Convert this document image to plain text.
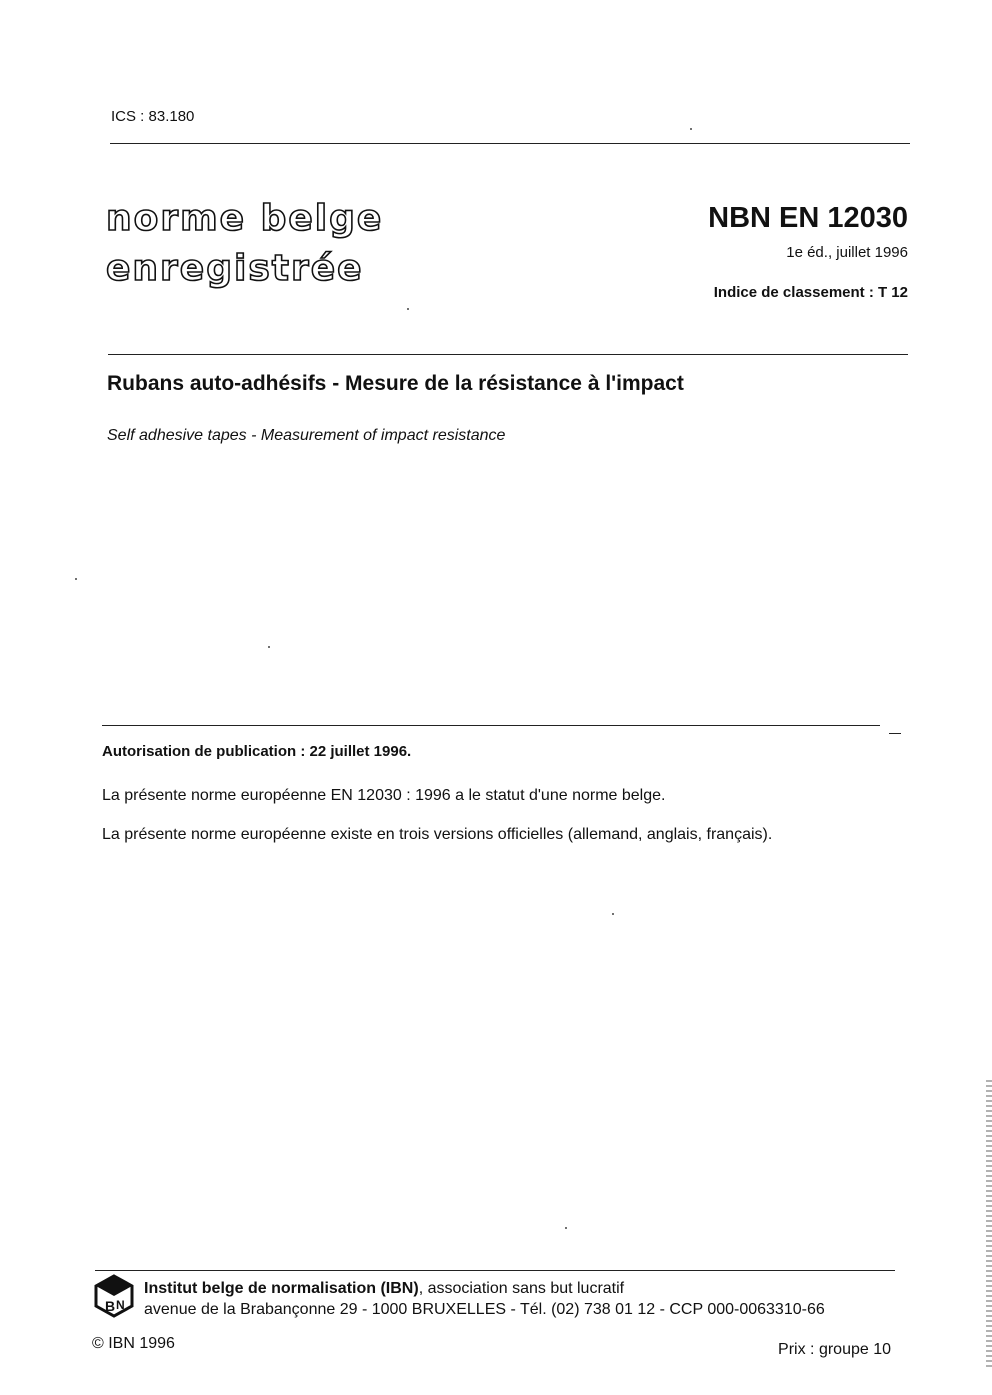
ICS : 83.180
norme belge
enregistrée
NBN EN 12030
1e éd., juillet 1996
Indice de classement : T 12
Rubans auto-adhésifs - Mesure de la résistance à l'impact
Self adhesive tapes - Measurement of impact resistance
Autorisation de publication : 22 juillet 1996.
La présente norme européenne EN 12030 : 1996 a le statut d'une norme belge.
La présente norme européenne existe en trois versions officielles (allemand, anglais, français).
B N
Institut belge de normalisation (IBN), association sans but lucratif
avenue de la Brabançonne 29 - 1000 BRUXELLES - Tél. (02) 738 01 12 - CCP 000-0063310-66
© IBN 1996	Prix : groupe 10
